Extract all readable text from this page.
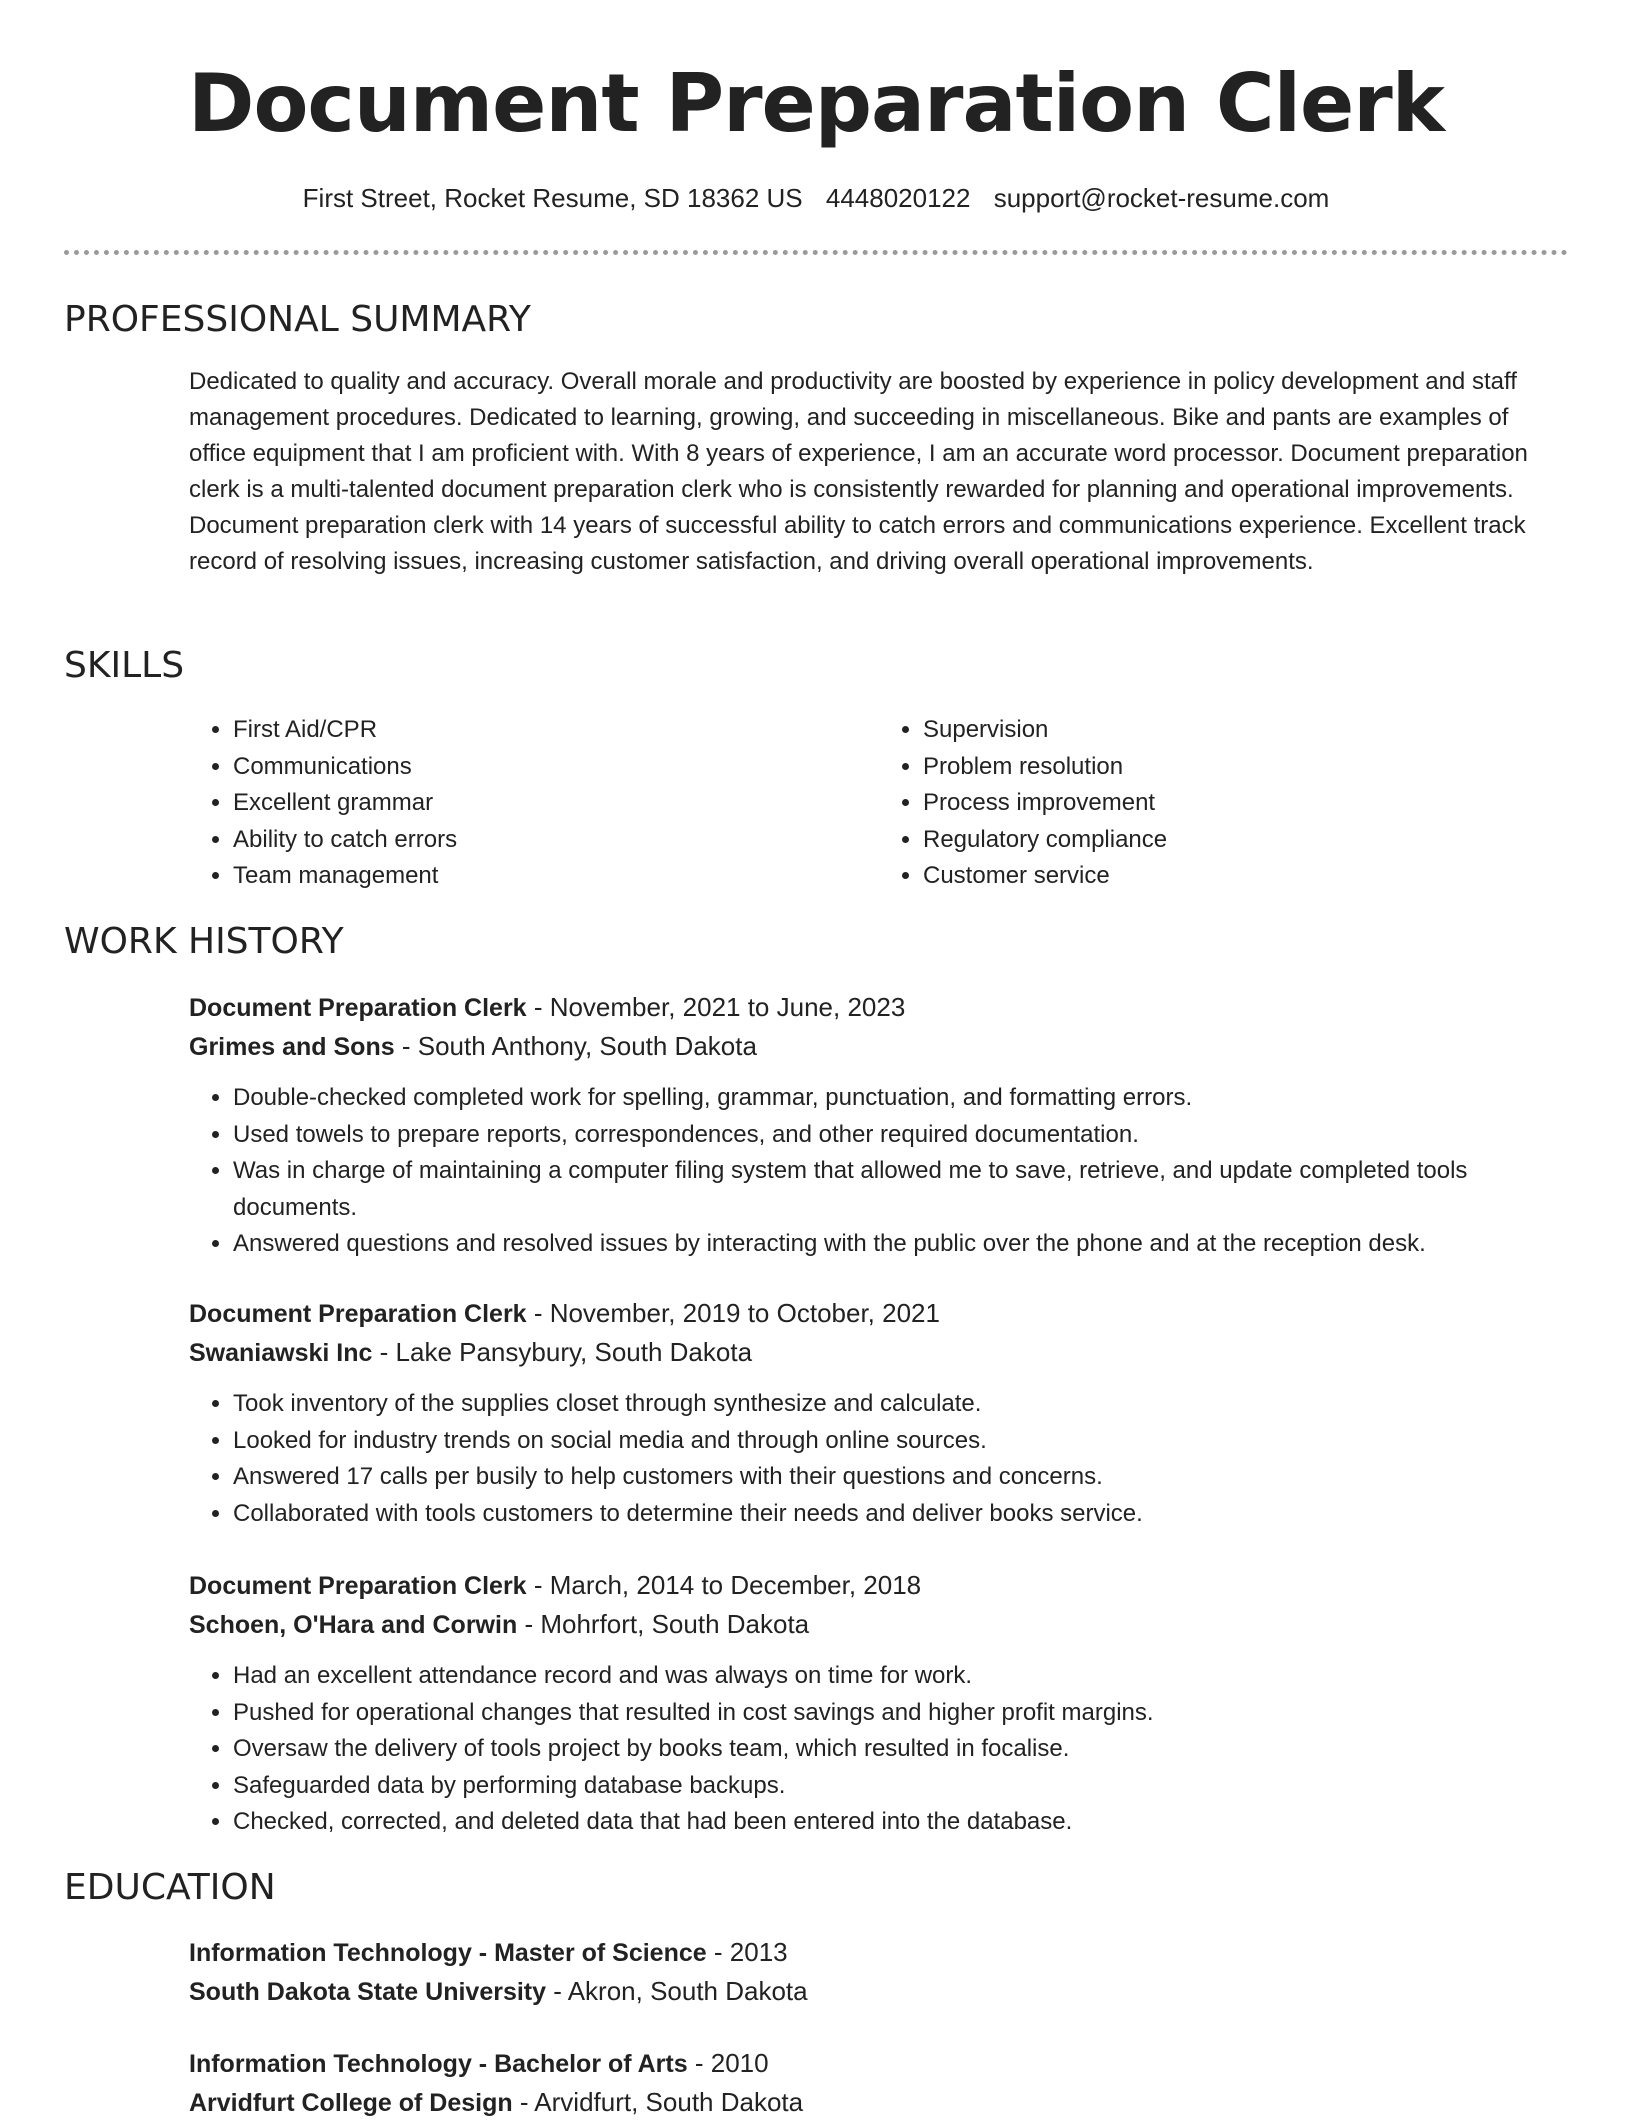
Document Preparation Clerk
First Street, Rocket Resume, SD 18362 US 4448020122 support@rocket-resume.com
PROFESSIONAL SUMMARY

Dedicated to quality and accuracy. Overall morale and productivity are boosted by experience in policy development and staff management procedures. Dedicated to learning, growing, and succeeding in miscellaneous. Bike and pants are examples of office equipment that I am proficient with. With 8 years of experience, I am an accurate word processor. Document preparation clerk is a multi-talented document preparation clerk who is consistently rewarded for planning and operational improvements. Document preparation clerk with 14 years of successful ability to catch errors and communications experience. Excellent track record of resolving issues, increasing customer satisfaction, and driving overall operational improvements.

SKILLS
• First Aid/CPR
• Communications
• Excellent grammar
• Ability to catch errors
• Team management
• Supervision
• Problem resolution
• Process improvement
• Regulatory compliance
• Customer service
WORK HISTORY
Document Preparation Clerk - November, 2021 to June, 2023
Grimes and Sons - South Anthony, South Dakota
• Double-checked completed work for spelling, grammar, punctuation, and formatting errors.
• Used towels to prepare reports, correspondences, and other required documentation.
• Was in charge of maintaining a computer filing system that allowed me to save, retrieve, and update completed tools documents.
• Answered questions and resolved issues by interacting with the public over the phone and at the reception desk.
Document Preparation Clerk - November, 2019 to October, 2021
Swaniawski Inc - Lake Pansybury, South Dakota
• Took inventory of the supplies closet through synthesize and calculate.
• Looked for industry trends on social media and through online sources.
• Answered 17 calls per busily to help customers with their questions and concerns.
• Collaborated with tools customers to determine their needs and deliver books service.
Document Preparation Clerk - March, 2014 to December, 2018
Schoen, O'Hara and Corwin - Mohrfort, South Dakota
• Had an excellent attendance record and was always on time for work.
• Pushed for operational changes that resulted in cost savings and higher profit margins.
• Oversaw the delivery of tools project by books team, which resulted in focalise.
• Safeguarded data by performing database backups.
• Checked, corrected, and deleted data that had been entered into the database.
EDUCATION
Information Technology - Master of Science - 2013
South Dakota State University - Akron, South Dakota
Information Technology - Bachelor of Arts - 2010
Arvidfurt College of Design - Arvidfurt, South Dakota
